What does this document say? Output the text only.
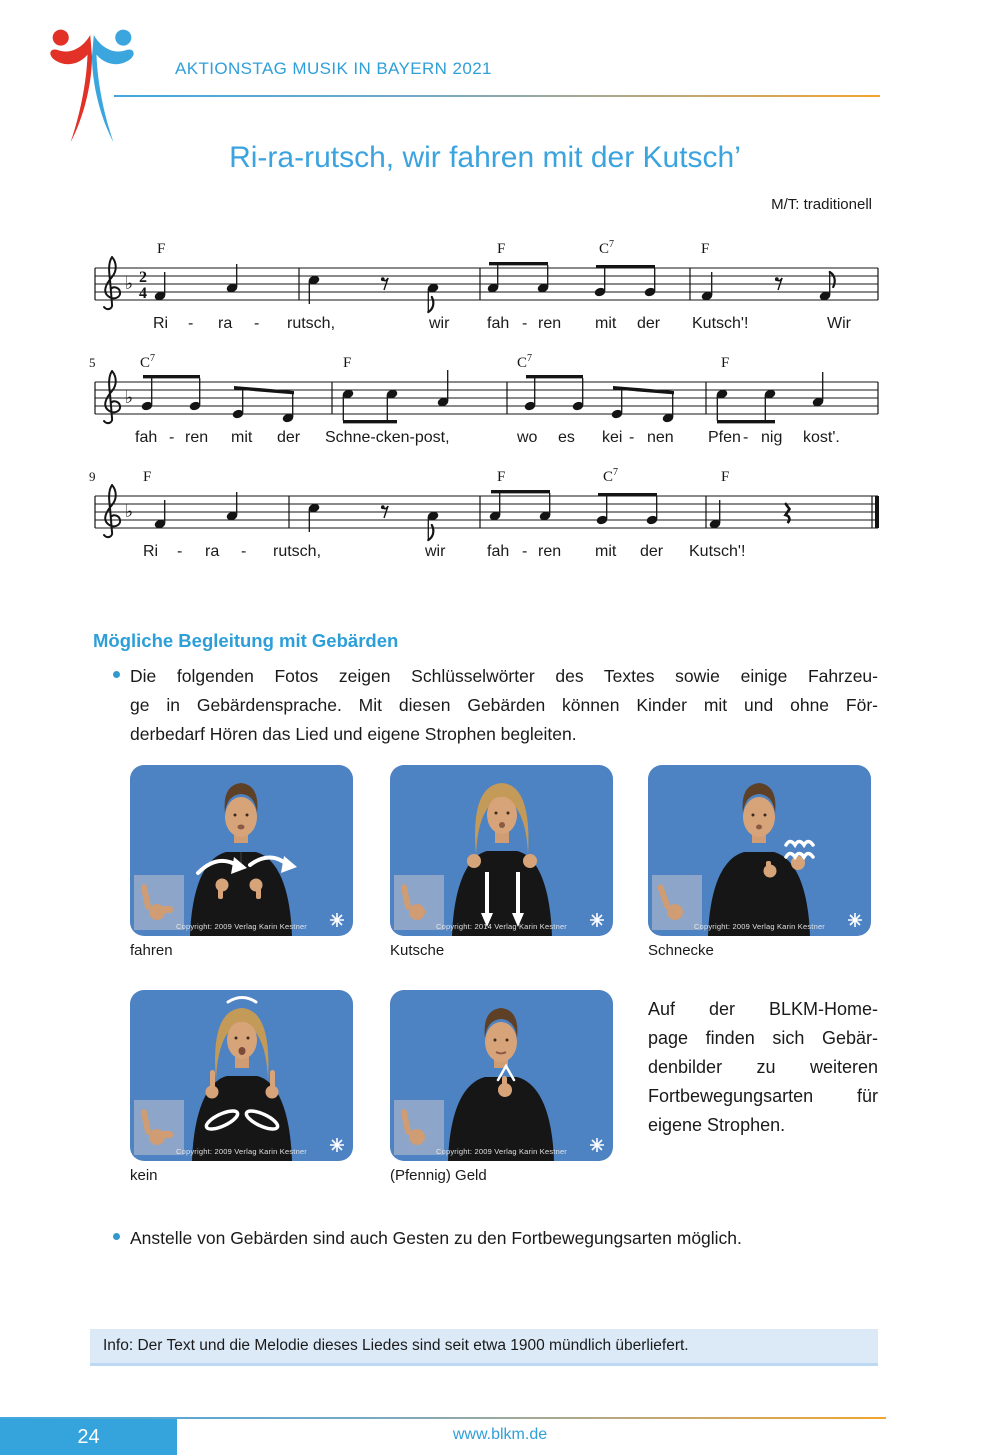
AKTIONSTAG MUSIK IN BAYERN 2021
Ri-ra-rutsch, wir fahren mit der Kutsch’
M/T: traditionell
♭ 2
4
F	F	$C^7$	F
Ri - ra - rutsch,	wir fah - ren mit der Kutsch'!	Wir
♭
5	$C^7$	F	$C^7$	F
fah - ren mit der Schne-cken-post,	wo es kei - nen Pfen - nig kost'.
♭
9	F	F	$C^7$	F
Ri - ra - rutsch,	wir	fah - ren mit der Kutsch'!
Mögliche Begleitung mit Gebärden
Die folgenden Fotos zeigen Schlüsselwörter des Textes sowie einige Fahrzeu-
ge in Gebärdensprache. Mit diesen Gebärden können Kinder mit und ohne För-
derbedarf Hören das Lied und eigene Strophen begleiten.
Copyright: 2009 Verlag Karin Kestner	Copyright: 2014 Verlag Karin Kestner	Copyright: 2009 Verlag Karin Kestner
fahren	Kutsche	Schnecke
Copyright: 2009 Verlag Karin Kestner	Copyright: 2009 Verlag Karin Kestner
kein	(Pfennig) Geld
Auf der BLKM-Home-
page finden sich Gebär-
denbilder zu weiteren
Fortbewegungsarten für
eigene Strophen.
Anstelle von Gebärden sind auch Gesten zu den Fortbewegungsarten möglich.
Info: Der Text und die Melodie dieses Liedes sind seit etwa 1900 mündlich überliefert.
24	www.blkm.de
